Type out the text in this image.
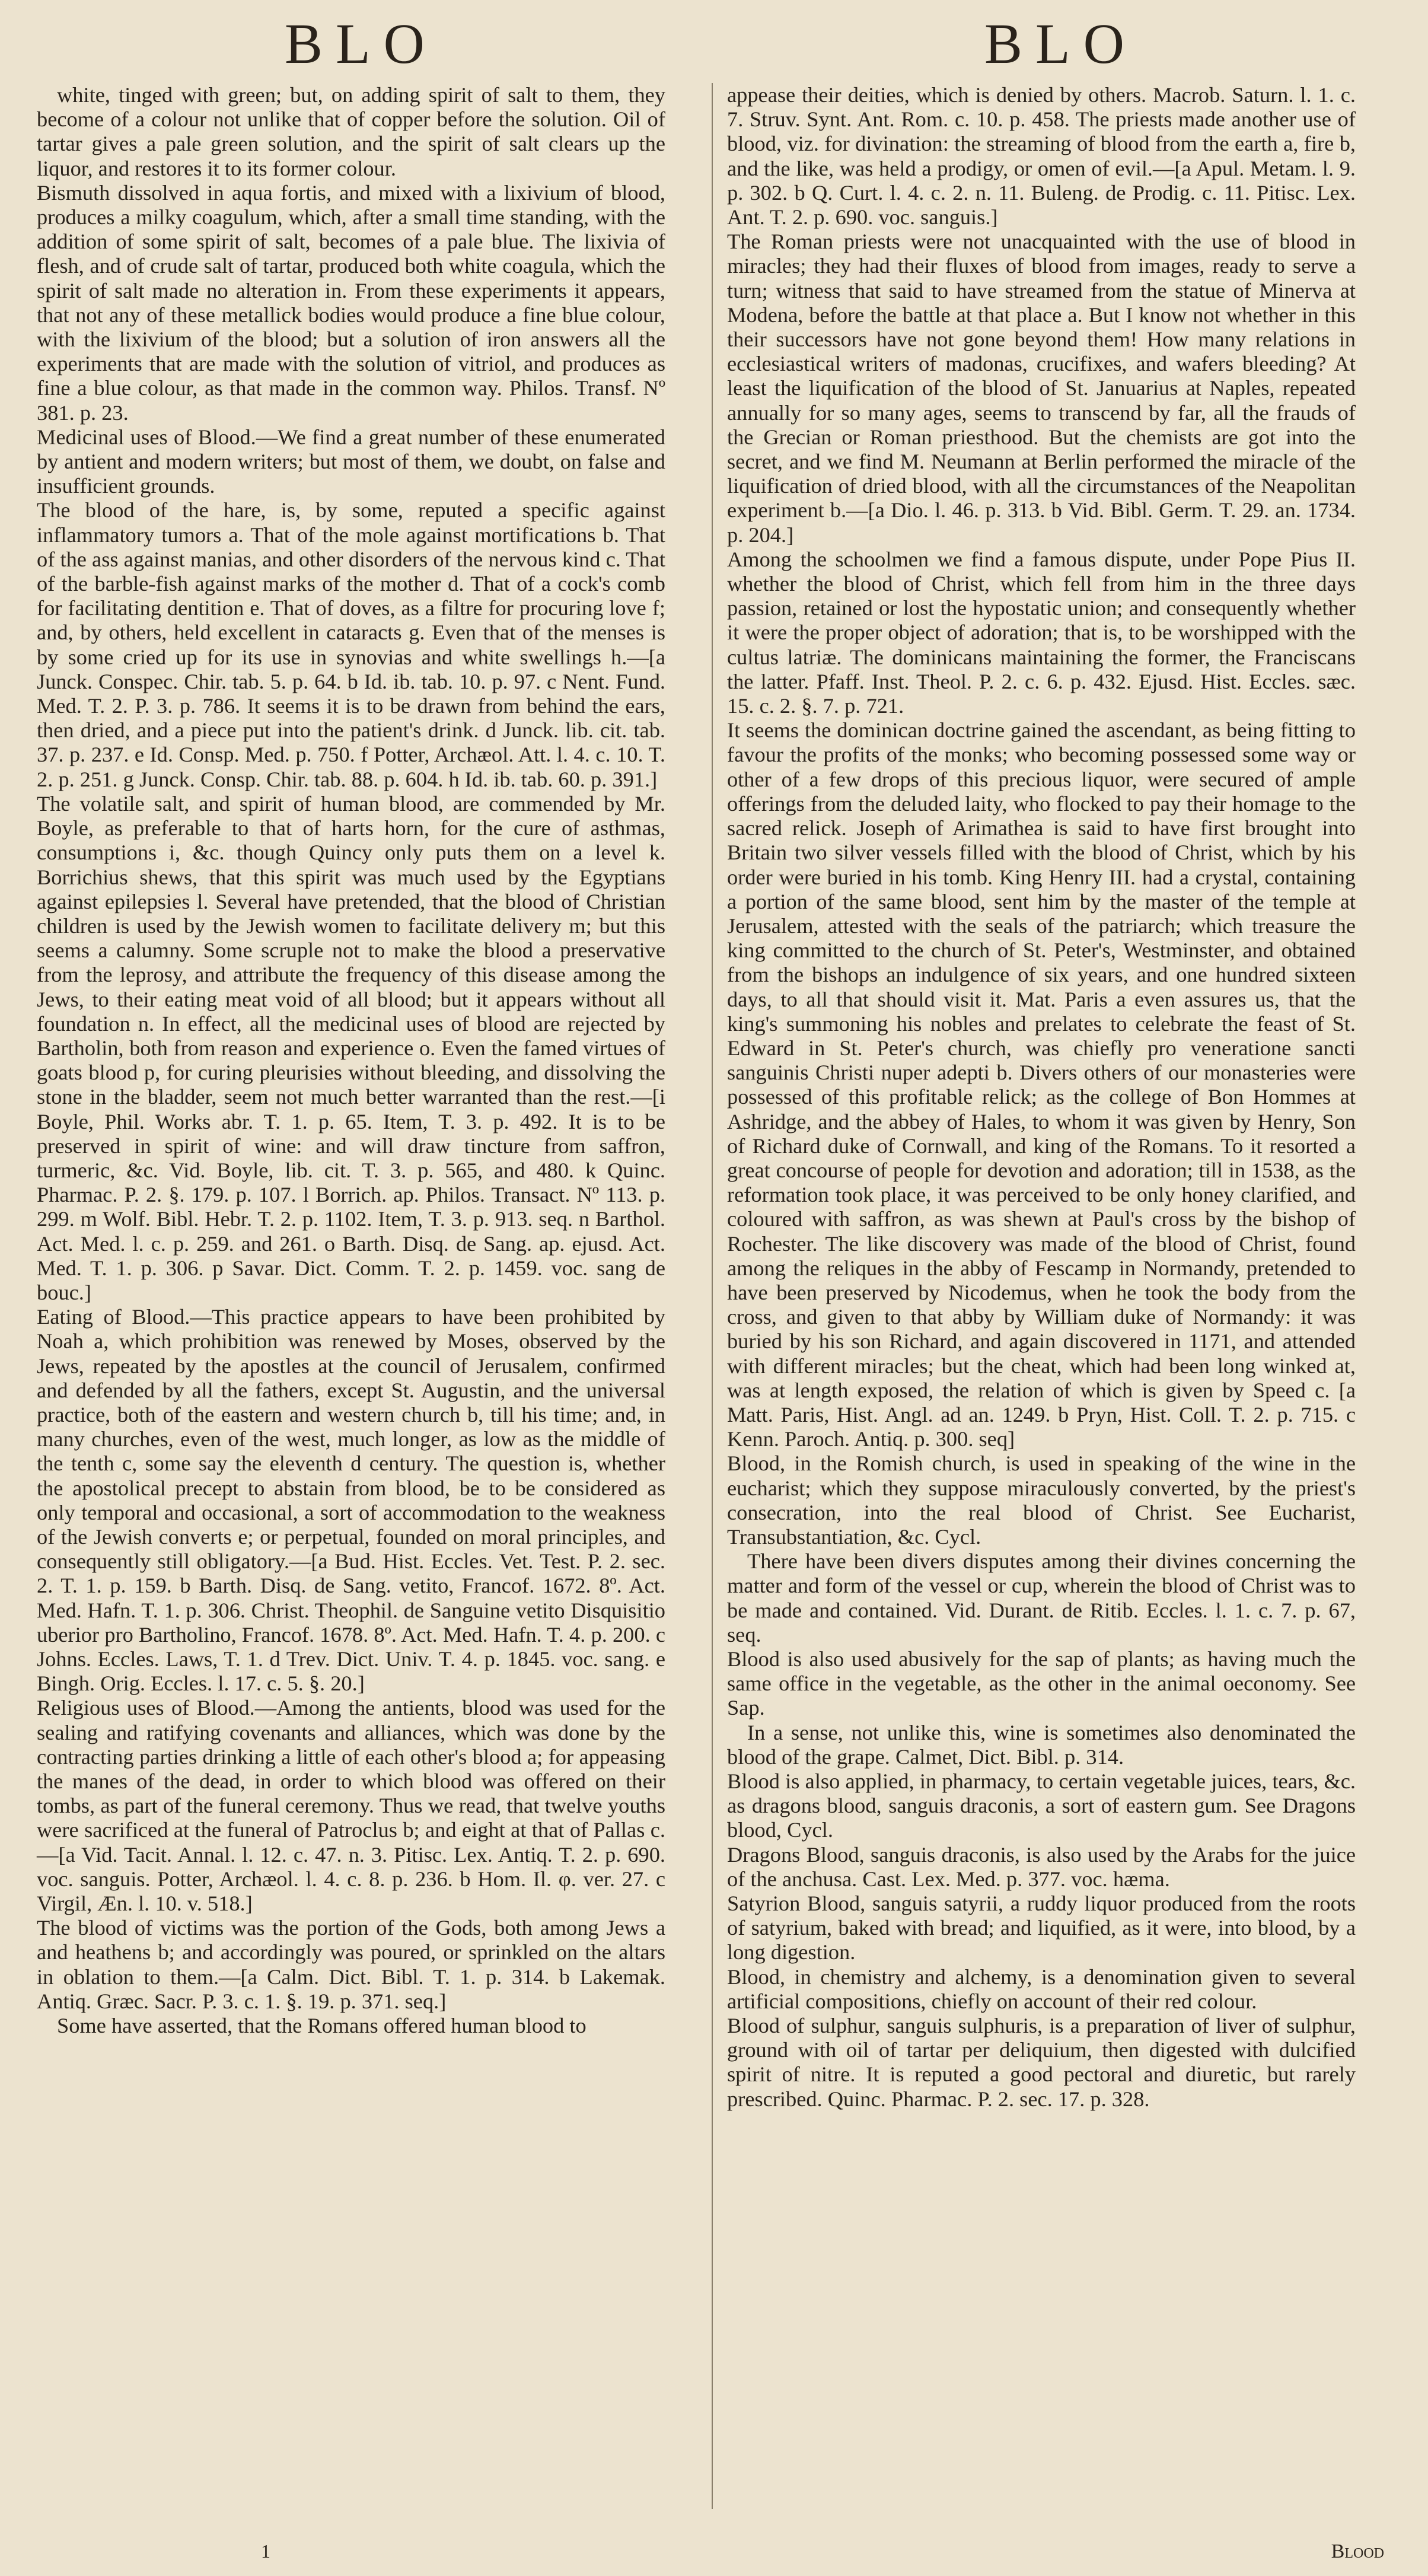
BLO	BLO

white, tinged with green; but, on adding spirit of salt to them, they become of a colour not unlike that of copper before the solution. Oil of tartar gives a pale green solution, and the spirit of salt clears up the liquor, and restores it to its former colour.

Bismuth dissolved in aqua fortis, and mixed with a lixivium of blood, produces a milky coagulum, which, after a small time standing, with the addition of some spirit of salt, becomes of a pale blue. The lixivia of flesh, and of crude salt of tartar, produced both white coagula, which the spirit of salt made no alteration in. From these experiments it appears, that not any of these metallick bodies would produce a fine blue colour, with the lixivium of the blood; but a solution of iron answers all the experiments that are made with the solution of vitriol, and produces as fine a blue colour, as that made in the common way. Philos. Transf. Nº 381. p. 23.

Medicinal uses of Blood.—We find a great number of these enumerated by antient and modern writers; but most of them, we doubt, on false and insufficient grounds.

The blood of the hare, is, by some, reputed a specific against inflammatory tumors a. That of the mole against mortifications b. That of the ass against manias, and other disorders of the nervous kind c. That of the barble-fish against marks of the mother d. That of a cock's comb for facilitating dentition e. That of doves, as a filtre for procuring love f; and, by others, held excellent in cataracts g. Even that of the menses is by some cried up for its use in synovias and white swellings h.—[a Junck. Conspec. Chir. tab. 5. p. 64. b Id. ib. tab. 10. p. 97. c Nent. Fund. Med. T. 2. P. 3. p. 786. It seems it is to be drawn from behind the ears, then dried, and a piece put into the patient's drink. d Junck. lib. cit. tab. 37. p. 237. e Id. Consp. Med. p. 750. f Potter, Archæol. Att. l. 4. c. 10. T. 2. p. 251. g Junck. Consp. Chir. tab. 88. p. 604. h Id. ib. tab. 60. p. 391.]

The volatile salt, and spirit of human blood, are commended by Mr. Boyle, as preferable to that of harts horn, for the cure of asthmas, consumptions i, &c. though Quincy only puts them on a level k. Borrichius shews, that this spirit was much used by the Egyptians against epilepsies l. Several have pretended, that the blood of Christian children is used by the Jewish women to facilitate delivery m; but this seems a calumny. Some scruple not to make the blood a preservative from the leprosy, and attribute the frequency of this disease among the Jews, to their eating meat void of all blood; but it appears without all foundation n. In effect, all the medicinal uses of blood are rejected by Bartholin, both from reason and experience o. Even the famed virtues of goats blood p, for curing pleurisies without bleeding, and dissolving the stone in the bladder, seem not much better warranted than the rest.—[i Boyle, Phil. Works abr. T. 1. p. 65. Item, T. 3. p. 492. It is to be preserved in spirit of wine: and will draw tincture from saffron, turmeric, &c. Vid. Boyle, lib. cit. T. 3. p. 565, and 480. k Quinc. Pharmac. P. 2. §. 179. p. 107. l Borrich. ap. Philos. Transact. Nº 113. p. 299. m Wolf. Bibl. Hebr. T. 2. p. 1102. Item, T. 3. p. 913. seq. n Barthol. Act. Med. l. c. p. 259. and 261. o Barth. Disq. de Sang. ap. ejusd. Act. Med. T. 1. p. 306. p Savar. Dict. Comm. T. 2. p. 1459. voc. sang de bouc.]

Eating of Blood.—This practice appears to have been prohibited by Noah a, which prohibition was renewed by Moses, observed by the Jews, repeated by the apostles at the council of Jerusalem, confirmed and defended by all the fathers, except St. Augustin, and the universal practice, both of the eastern and western church b, till his time; and, in many churches, even of the west, much longer, as low as the middle of the tenth c, some say the eleventh d century. The question is, whether the apostolical precept to abstain from blood, be to be considered as only temporal and occasional, a sort of accommodation to the weakness of the Jewish converts e; or perpetual, founded on moral principles, and consequently still obligatory.—[a Bud. Hist. Eccles. Vet. Test. P. 2. sec. 2. T. 1. p. 159. b Barth. Disq. de Sang. vetito, Francof. 1672. 8º. Act. Med. Hafn. T. 1. p. 306. Christ. Theophil. de Sanguine vetito Disquisitio uberior pro Bartholino, Francof. 1678. 8º. Act. Med. Hafn. T. 4. p. 200. c Johns. Eccles. Laws, T. 1. d Trev. Dict. Univ. T. 4. p. 1845. voc. sang. e Bingh. Orig. Eccles. l. 17. c. 5. §. 20.]

Religious uses of Blood.—Among the antients, blood was used for the sealing and ratifying covenants and alliances, which was done by the contracting parties drinking a little of each other's blood a; for appeasing the manes of the dead, in order to which blood was offered on their tombs, as part of the funeral ceremony. Thus we read, that twelve youths were sacrificed at the funeral of Patroclus b; and eight at that of Pallas c.—[a Vid. Tacit. Annal. l. 12. c. 47. n. 3. Pitisc. Lex. Antiq. T. 2. p. 690. voc. sanguis. Potter, Archæol. l. 4. c. 8. p. 236. b Hom. Il. φ. ver. 27. c Virgil, Æn. l. 10. v. 518.]

The blood of victims was the portion of the Gods, both among Jews a and heathens b; and accordingly was poured, or sprinkled on the altars in oblation to them.—[a Calm. Dict. Bibl. T. 1. p. 314. b Lakemak. Antiq. Græc. Sacr. P. 3. c. 1. §. 19. p. 371. seq.]

Some have asserted, that the Romans offered human blood to

appease their deities, which is denied by others. Macrob. Saturn. l. 1. c. 7. Struv. Synt. Ant. Rom. c. 10. p. 458. The priests made another use of blood, viz. for divination: the streaming of blood from the earth a, fire b, and the like, was held a prodigy, or omen of evil.—[a Apul. Metam. l. 9. p. 302. b Q. Curt. l. 4. c. 2. n. 11. Buleng. de Prodig. c. 11. Pitisc. Lex. Ant. T. 2. p. 690. voc. sanguis.]

The Roman priests were not unacquainted with the use of blood in miracles; they had their fluxes of blood from images, ready to serve a turn; witness that said to have streamed from the statue of Minerva at Modena, before the battle at that place a. But I know not whether in this their successors have not gone beyond them! How many relations in ecclesiastical writers of madonas, crucifixes, and wafers bleeding? At least the liquification of the blood of St. Januarius at Naples, repeated annually for so many ages, seems to transcend by far, all the frauds of the Grecian or Roman priesthood. But the chemists are got into the secret, and we find M. Neumann at Berlin performed the miracle of the liquification of dried blood, with all the circumstances of the Neapolitan experiment b.—[a Dio. l. 46. p. 313. b Vid. Bibl. Germ. T. 29. an. 1734. p. 204.]

Among the schoolmen we find a famous dispute, under Pope Pius II. whether the blood of Christ, which fell from him in the three days passion, retained or lost the hypostatic union; and consequently whether it were the proper object of adoration; that is, to be worshipped with the cultus latriæ. The dominicans maintaining the former, the Franciscans the latter. Pfaff. Inst. Theol. P. 2. c. 6. p. 432. Ejusd. Hist. Eccles. sæc. 15. c. 2. §. 7. p. 721.

It seems the dominican doctrine gained the ascendant, as being fitting to favour the profits of the monks; who becoming possessed some way or other of a few drops of this precious liquor, were secured of ample offerings from the deluded laity, who flocked to pay their homage to the sacred relick. Joseph of Arimathea is said to have first brought into Britain two silver vessels filled with the blood of Christ, which by his order were buried in his tomb. King Henry III. had a crystal, containing a portion of the same blood, sent him by the master of the temple at Jerusalem, attested with the seals of the patriarch; which treasure the king committed to the church of St. Peter's, Westminster, and obtained from the bishops an indulgence of six years, and one hundred sixteen days, to all that should visit it. Mat. Paris a even assures us, that the king's summoning his nobles and prelates to celebrate the feast of St. Edward in St. Peter's church, was chiefly pro veneratione sancti sanguinis Christi nuper adepti b. Divers others of our monasteries were possessed of this profitable relick; as the college of Bon Hommes at Ashridge, and the abbey of Hales, to whom it was given by Henry, Son of Richard duke of Cornwall, and king of the Romans. To it resorted a great concourse of people for devotion and adoration; till in 1538, as the reformation took place, it was perceived to be only honey clarified, and coloured with saffron, as was shewn at Paul's cross by the bishop of Rochester. The like discovery was made of the blood of Christ, found among the reliques in the abby of Fescamp in Normandy, pretended to have been preserved by Nicodemus, when he took the body from the cross, and given to that abby by William duke of Normandy: it was buried by his son Richard, and again discovered in 1171, and attended with different miracles; but the cheat, which had been long winked at, was at length exposed, the relation of which is given by Speed c. [a Matt. Paris, Hist. Angl. ad an. 1249. b Pryn, Hist. Coll. T. 2. p. 715. c Kenn. Paroch. Antiq. p. 300. seq]

Blood, in the Romish church, is used in speaking of the wine in the eucharist; which they suppose miraculously converted, by the priest's consecration, into the real blood of Christ. See Eucharist, Transubstantiation, &c. Cycl.

There have been divers disputes among their divines concerning the matter and form of the vessel or cup, wherein the blood of Christ was to be made and contained. Vid. Durant. de Ritib. Eccles. l. 1. c. 7. p. 67, seq.

Blood is also used abusively for the sap of plants; as having much the same office in the vegetable, as the other in the animal oeconomy. See Sap.

In a sense, not unlike this, wine is sometimes also denominated the blood of the grape. Calmet, Dict. Bibl. p. 314.

Blood is also applied, in pharmacy, to certain vegetable juices, tears, &c. as dragons blood, sanguis draconis, a sort of eastern gum. See Dragons blood, Cycl.

Dragons Blood, sanguis draconis, is also used by the Arabs for the juice of the anchusa. Cast. Lex. Med. p. 377. voc. hæma.

Satyrion Blood, sanguis satyrii, a ruddy liquor produced from the roots of satyrium, baked with bread; and liquified, as it were, into blood, by a long digestion.

Blood, in chemistry and alchemy, is a denomination given to several artificial compositions, chiefly on account of their red colour.

Blood of sulphur, sanguis sulphuris, is a preparation of liver of sulphur, ground with oil of tartar per deliquium, then digested with dulcified spirit of nitre. It is reputed a good pectoral and diuretic, but rarely prescribed. Quinc. Pharmac. P. 2. sec. 17. p. 328.

1	Blood
